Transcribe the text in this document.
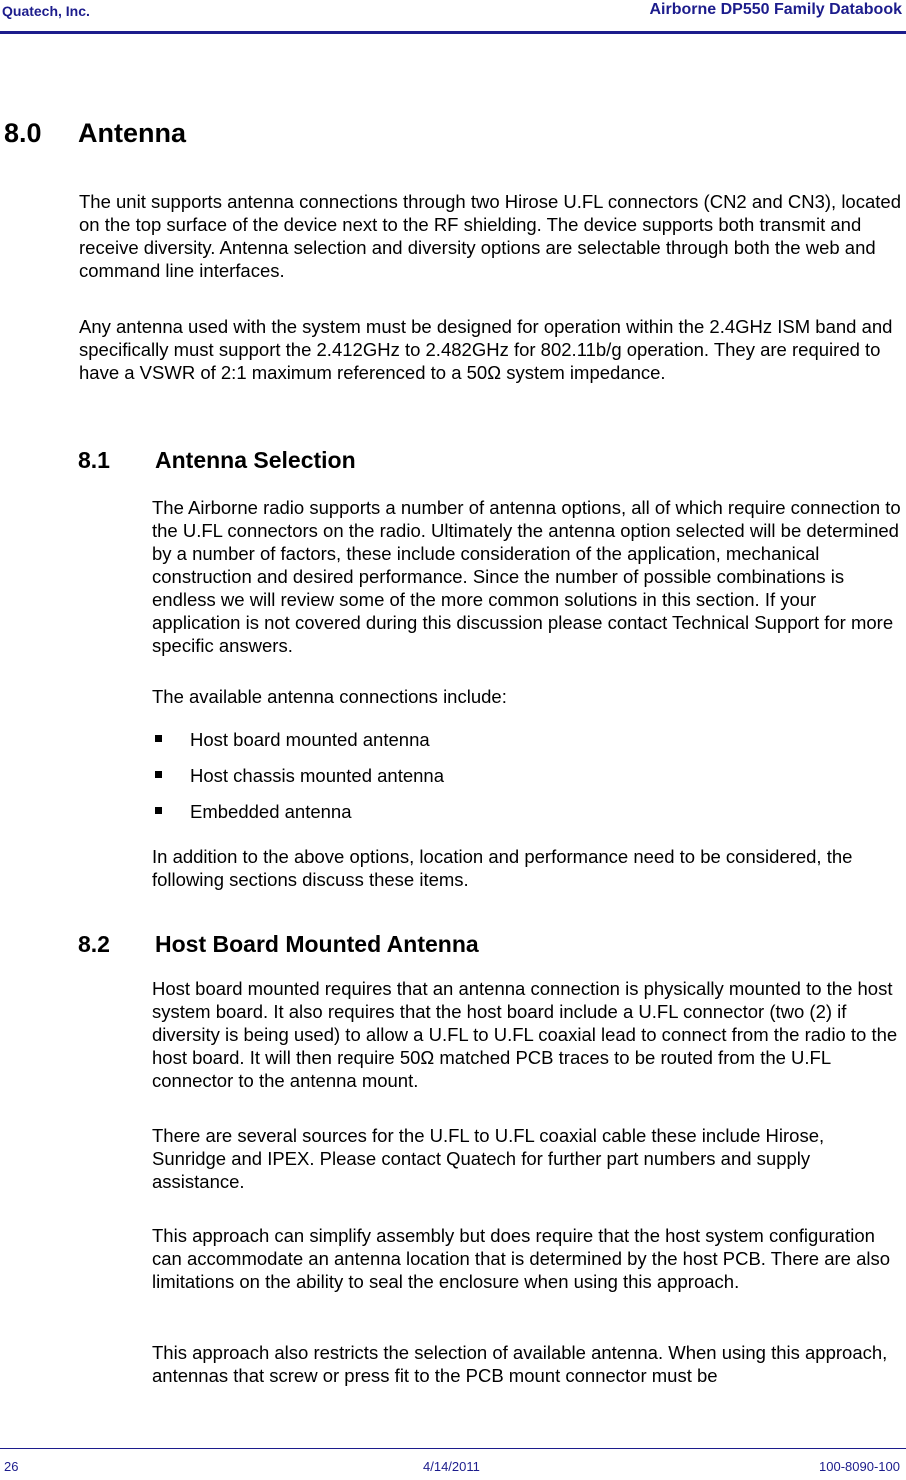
Quatech, Inc.	Airborne DP550 Family Databook
8.0 Antenna

The unit supports antenna connections through two Hirose U.FL connectors (CN2 and CN3), located on the top surface of the device next to the RF shielding. The device supports both transmit and receive diversity. Antenna selection and diversity options are selectable through both the web and command line interfaces.

Any antenna used with the system must be designed for operation within the 2.4GHz ISM band and specifically must support the 2.412GHz to 2.482GHz for 802.11b/g operation. They are required to have a VSWR of 2:1 maximum referenced to a 50Ω system impedance.

8.1 Antenna Selection

The Airborne radio supports a number of antenna options, all of which require connection to the U.FL connectors on the radio. Ultimately the antenna option selected will be determined by a number of factors, these include consideration of the application, mechanical construction and desired performance. Since the number of possible combinations is endless we will review some of the more common solutions in this section. If your application is not covered during this discussion please contact Technical Support for more specific answers.

The available antenna connections include:

Host board mounted antenna
Host chassis mounted antenna
Embedded antenna

In addition to the above options, location and performance need to be considered, the following sections discuss these items.

8.2 Host Board Mounted Antenna

Host board mounted requires that an antenna connection is physically mounted to the host system board. It also requires that the host board include a U.FL connector (two (2) if diversity is being used) to allow a U.FL to U.FL coaxial lead to connect from the radio to the host board. It will then require 50Ω matched PCB traces to be routed from the U.FL connector to the antenna mount.

There are several sources for the U.FL to U.FL coaxial cable these include Hirose, Sunridge and IPEX. Please contact Quatech for further part numbers and supply assistance.

This approach can simplify assembly but does require that the host system configuration can accommodate an antenna location that is determined by the host PCB. There are also limitations on the ability to seal the enclosure when using this approach.

This approach also restricts the selection of available antenna. When using this approach, antennas that screw or press fit to the PCB mount connector must be

26	4/14/2011	100-8090-100
